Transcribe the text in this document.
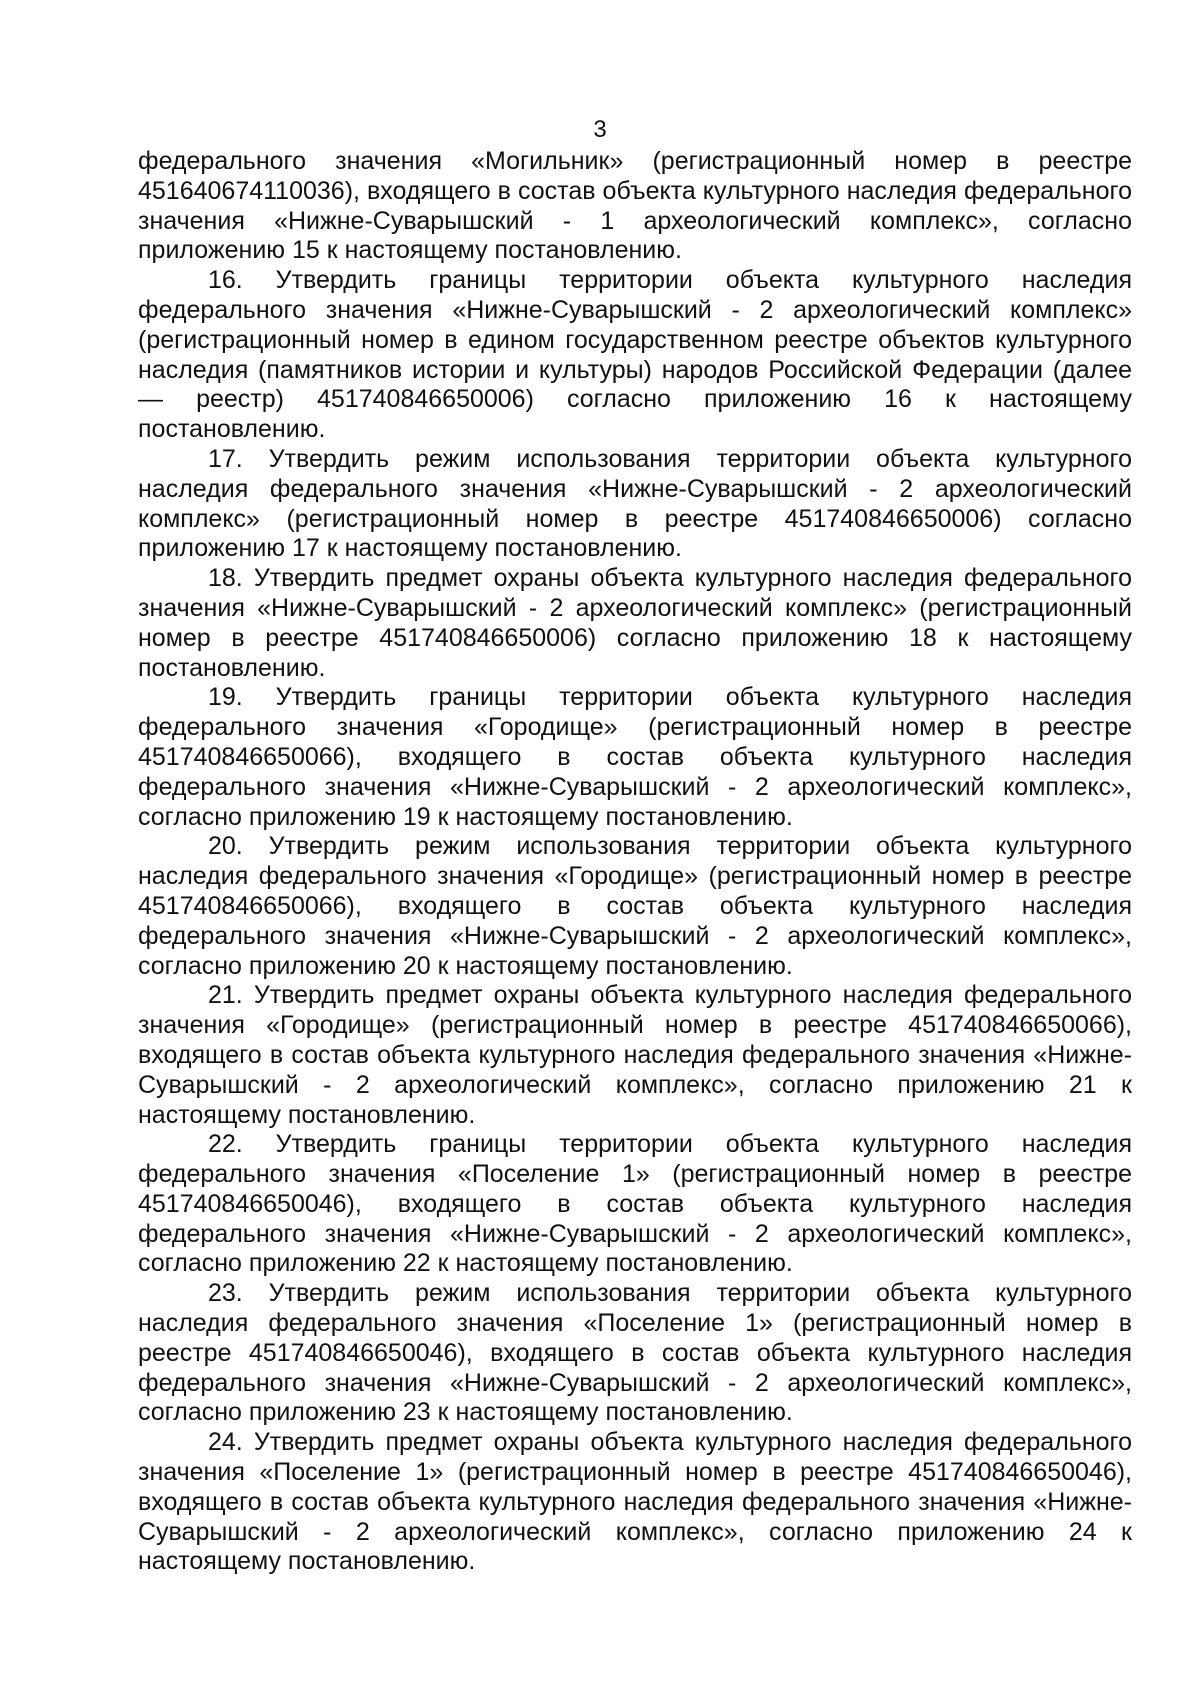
3

федерального значения «Могильник» (регистрационный номер в реестре 451640674110036), входящего в состав объекта культурного наследия федерального значения «Нижне-Суварышский - 1 археологический комплекс», согласно приложению 15 к настоящему постановлению.

16. Утвердить границы территории объекта культурного наследия федерального значения «Нижне-Суварышский - 2 археологический комплекс» (регистрационный номер в едином государственном реестре объектов культурного наследия (памятников истории и культуры) народов Российской Федерации (далее — реестр) 451740846650006) согласно приложению 16 к настоящему постановлению.

17. Утвердить режим использования территории объекта культурного наследия федерального значения «Нижне-Суварышский - 2 археологический комплекс» (регистрационный номер в реестре 451740846650006) согласно приложению 17 к настоящему постановлению.

18. Утвердить предмет охраны объекта культурного наследия федерального значения «Нижне-Суварышский - 2 археологический комплекс» (регистрационный номер в реестре 451740846650006) согласно приложению 18 к настоящему постановлению.

19. Утвердить границы территории объекта культурного наследия федерального значения «Городище» (регистрационный номер в реестре 451740846650066), входящего в состав объекта культурного наследия федерального значения «Нижне-Суварышский - 2 археологический комплекс», согласно приложению 19 к настоящему постановлению.

20. Утвердить режим использования территории объекта культурного наследия федерального значения «Городище» (регистрационный номер в реестре 451740846650066), входящего в состав объекта культурного наследия федерального значения «Нижне-Суварышский - 2 археологический комплекс», согласно приложению 20 к настоящему постановлению.

21. Утвердить предмет охраны объекта культурного наследия федерального значения «Городище» (регистрационный номер в реестре 451740846650066), входящего в состав объекта культурного наследия федерального значения «Нижне-Суварышский - 2 археологический комплекс», согласно приложению 21 к настоящему постановлению.

22. Утвердить границы территории объекта культурного наследия федерального значения «Поселение 1» (регистрационный номер в реестре 451740846650046), входящего в состав объекта культурного наследия федерального значения «Нижне-Суварышский - 2 археологический комплекс», согласно приложению 22 к настоящему постановлению.

23. Утвердить режим использования территории объекта культурного наследия федерального значения «Поселение 1» (регистрационный номер в реестре 451740846650046), входящего в состав объекта культурного наследия федерального значения «Нижне-Суварышский - 2 археологический комплекс», согласно приложению 23 к настоящему постановлению.

24. Утвердить предмет охраны объекта культурного наследия федерального значения «Поселение 1» (регистрационный номер в реестре 451740846650046), входящего в состав объекта культурного наследия федерального значения «Нижне-Суварышский - 2 археологический комплекс», согласно приложению 24 к настоящему постановлению.
